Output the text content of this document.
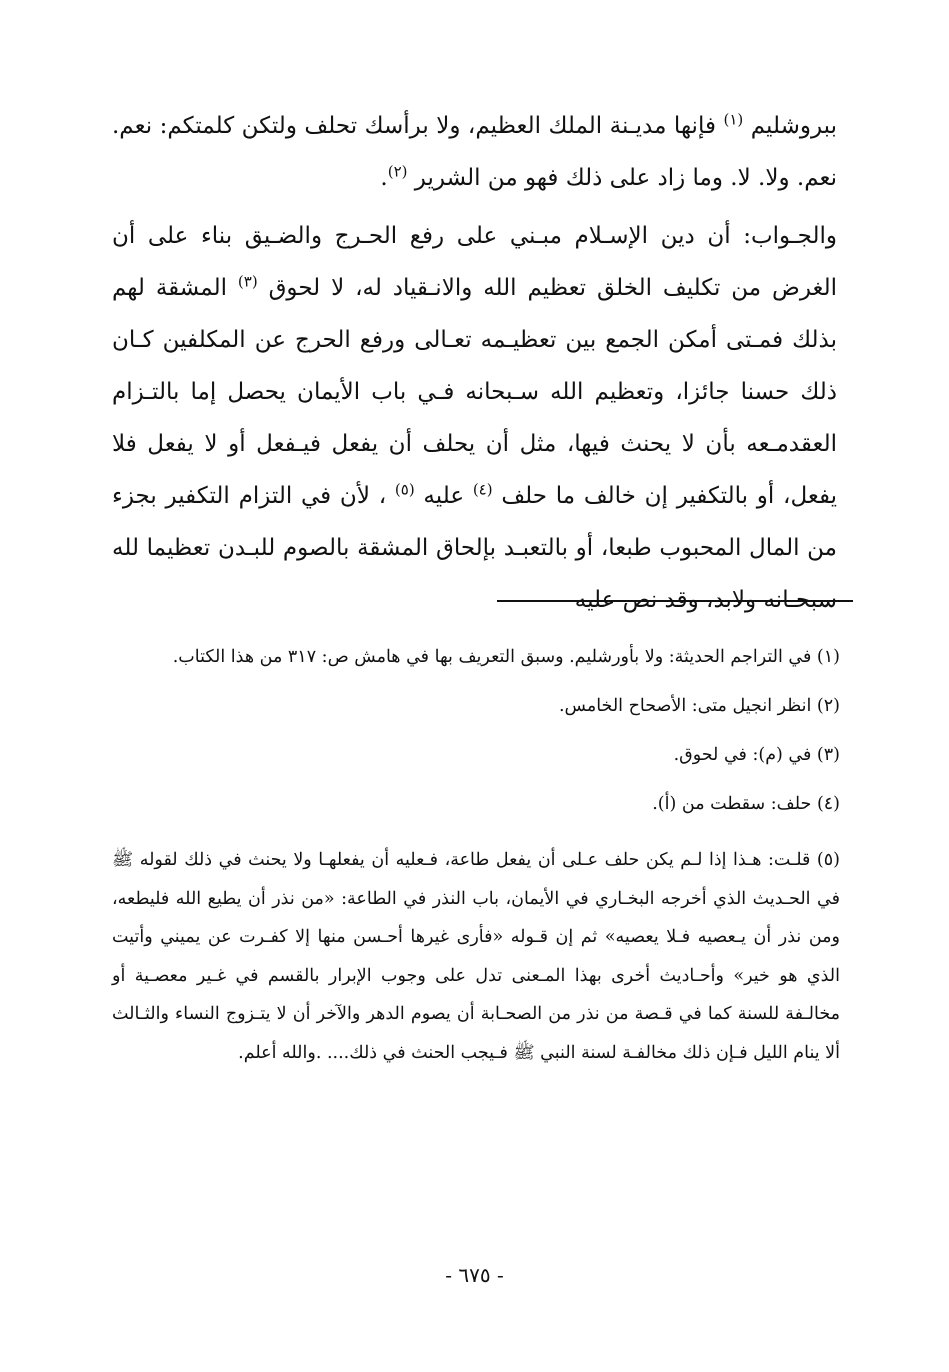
ببروشليم $^{(١)}$ فإنها مديـنة الملك العظيم، ولا برأسك تحلف ولتكن كلمتكم: نعم. نعم. ولا. لا. وما زاد على ذلك فهو من الشرير $^{(٢)}$.

والجـواب: أن دين الإسـلام مبـني على رفع الحـرج والضـيق بناء على أن الغرض من تكليف الخلق تعظيم الله والانـقياد له، لا لحوق $^{(٣)}$ المشقة لهم بذلك فمـتى أمكن الجمع بين تعظيـمه تعـالى ورفع الحرج عن المكلفين كـان ذلك حسنا جائزا، وتعظيم الله سـبحانه فـي باب الأيمان يحصل إما بالتـزام العقدمـعه بأن لا يحنث فيها، مثل أن يحلف أن يفعل فيـفعل أو لا يفعل فلا يفعل، أو بالتكفير إن خالف ما حلف $^{(٤)}$ عليه $^{(٥)}$ ، لأن في التزام التكفير بجزء من المال المحبوب طبعا، أو بالتعبـد بإلحاق المشقة بالصوم للبـدن تعظيما لله سبحـانه ولابد، وقد نص عليه

(١) في التراجم الحديثة: ولا بأورشليم. وسبق التعريف بها في هامش ص: ٣١٧ من هذا الكتاب.

(٢) انظر انجيل متى: الأصحاح الخامس.

(٣) في (م): في لحوق.

(٤) حلف: سقطت من (أ).

(٥) قلـت: هـذا إذا لـم يكن حلف عـلى أن يفعل طاعة، فـعليه أن يفعلهـا ولا يحنث في ذلك لقوله ﷺ في الحـديث الذي أخرجه البخـاري في الأيمان، باب النذر في الطاعة: «من نذر أن يطيع الله فليطعه، ومن نذر أن يـعصيه فـلا يعصيه» ثم إن قـوله «فأرى غيرها أحـسن منها إلا كفـرت عن يميني وأتيت الذي هو خير» وأحـاديث أخرى بهذا المـعنى تدل على وجوب الإبرار بالقسم في غـير معصـية أو مخالـفة للسنة كما في قـصة من نذر من الصحـابة أن يصوم الدهر والآخر أن لا يتـزوج النساء والثـالث ألا ينام الليل فـإن ذلك مخالفـة لسنة النبي ﷺ فـيجب الحنث في ذلك.... .والله أعلم.

- ٦٧٥ -
